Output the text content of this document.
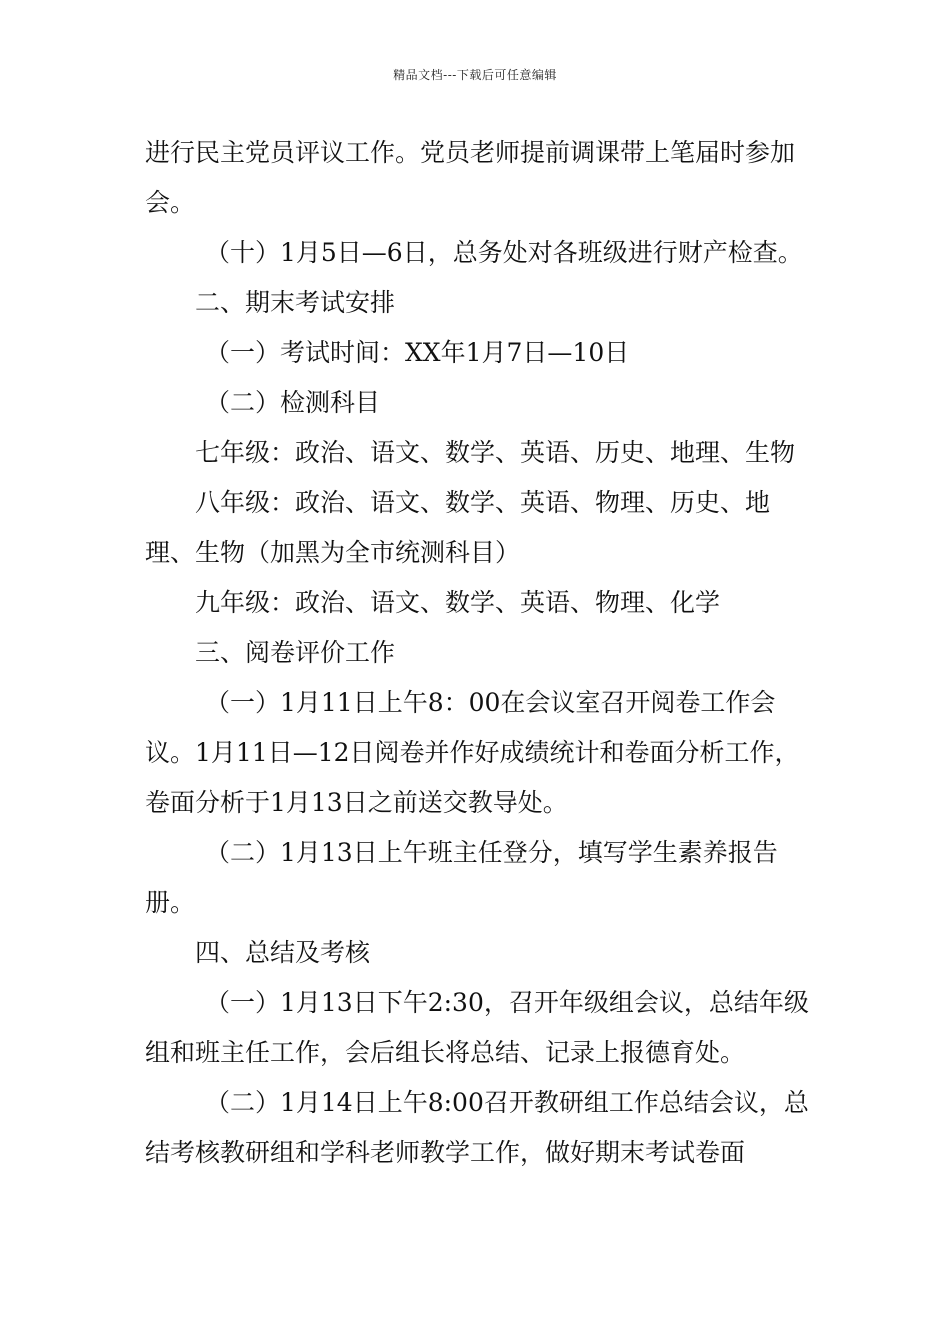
精品文档---下载后可任意编辑

进行民主党员评议工作。党员老师提前调课带上笔届时参加会。

（十）1月5日—6日，总务处对各班级进行财产检查。

二、期末考试安排

（一）考试时间：XX年1月7日—10日

（二）检测科目

七年级：政治、语文、数学、英语、历史、地理、生物

八年级：政治、语文、数学、英语、物理、历史、地理、生物（加黑为全市统测科目）

九年级：政治、语文、数学、英语、物理、化学

三、阅卷评价工作

（一）1月11日上午8：00在会议室召开阅卷工作会议。1月11日—12日阅卷并作好成绩统计和卷面分析工作，卷面分析于1月13日之前送交教导处。

（二）1月13日上午班主任登分，填写学生素养报告册。

四、总结及考核

（一）1月13日下午2:30，召开年级组会议，总结年级组和班主任工作，会后组长将总结、记录上报德育处。

（二）1月14日上午8:00召开教研组工作总结会议，总结考核教研组和学科老师教学工作，做好期末考试卷面
